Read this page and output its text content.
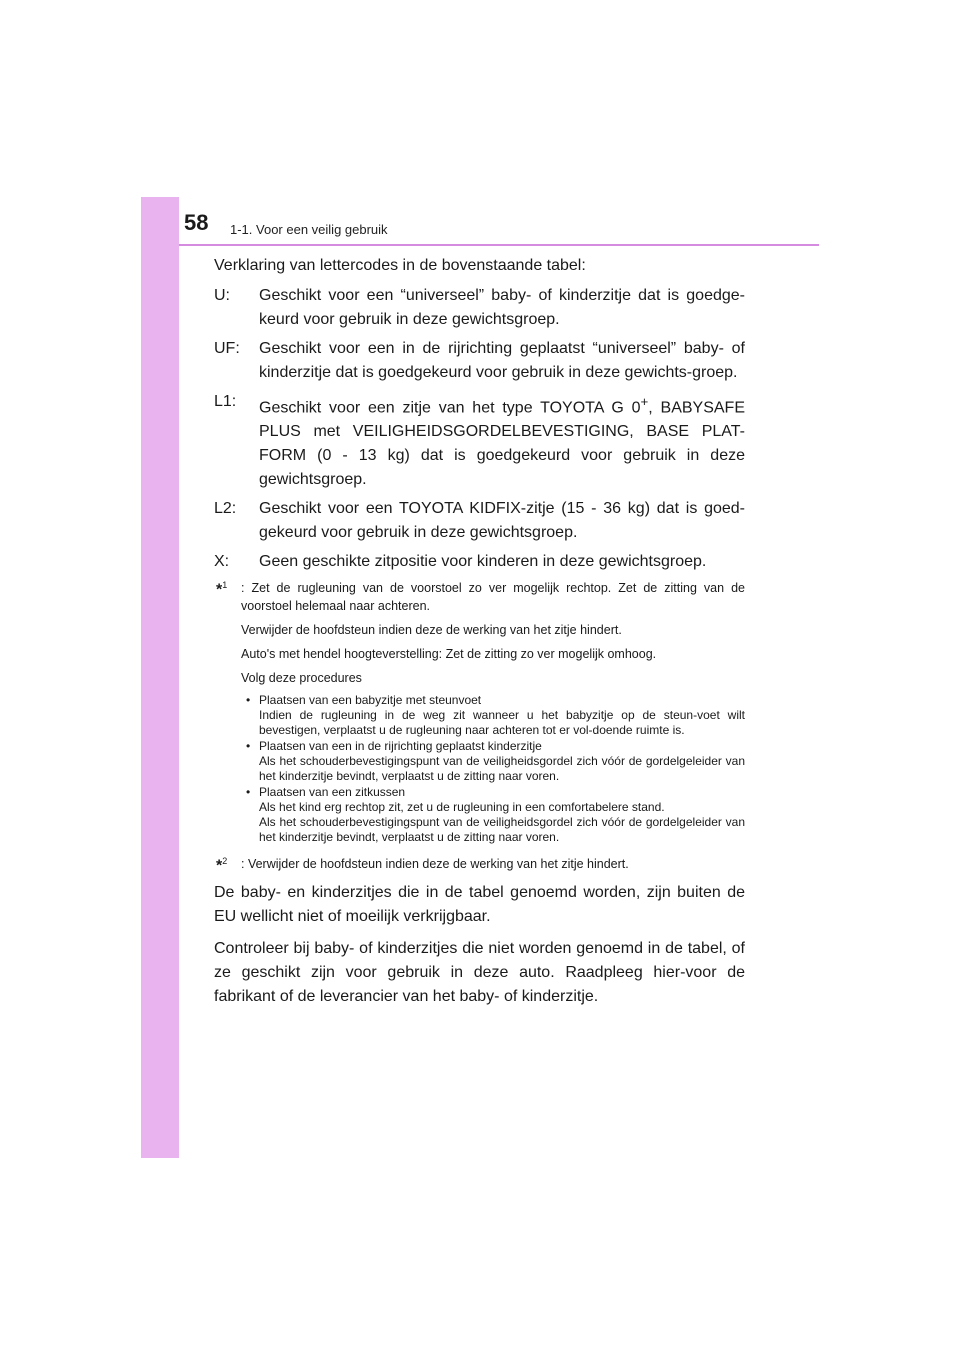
58 1-1. Voor een veilig gebruik

Verklaring van lettercodes in de bovenstaande tabel:

U: Geschikt voor een “universeel” baby- of kinderzitje dat is goedge-keurd voor gebruik in deze gewichtsgroep.
UF: Geschikt voor een in de rijrichting geplaatst “universeel” baby- of kinderzitje dat is goedgekeurd voor gebruik in deze gewichts-groep.
L1: Geschikt voor een zitje van het type TOYOTA G 0+, BABYSAFE PLUS met VEILIGHEIDSGORDELBEVESTIGING, BASE PLAT-FORM (0 - 13 kg) dat is goedgekeurd voor gebruik in deze gewichtsgroep.
L2: Geschikt voor een TOYOTA KIDFIX-zitje (15 - 36 kg) dat is goed-gekeurd voor gebruik in deze gewichtsgroep.
X: Geen geschikte zitpositie voor kinderen in deze gewichtsgroep.
*$^1$ : Zet de rugleuning van de voorstoel zo ver mogelijk rechtop. Zet de zitting van de voorstoel helemaal naar achteren.

Verwijder de hoofdsteun indien deze de werking van het zitje hindert.

Auto's met hendel hoogteverstelling: Zet de zitting zo ver mogelijk omhoog.

Volg deze procedures

• Plaatsen van een babyzitje met steunvoet
Indien de rugleuning in de weg zit wanneer u het babyzitje op de steun-voet wilt bevestigen, verplaatst u de rugleuning naar achteren tot er vol-doende ruimte is.
• Plaatsen van een in de rijrichting geplaatst kinderzitje
Als het schouderbevestigingspunt van de veiligheidsgordel zich vóór de gordelgeleider van het kinderzitje bevindt, verplaatst u de zitting naar voren.
• Plaatsen van een zitkussen
Als het kind erg rechtop zit, zet u de rugleuning in een comfortabelere stand.
Als het schouderbevestigingspunt van de veiligheidsgordel zich vóór de gordelgeleider van het kinderzitje bevindt, verplaatst u de zitting naar voren.
*$^2$ : Verwijder de hoofdsteun indien deze de werking van het zitje hindert.

De baby- en kinderzitjes die in de tabel genoemd worden, zijn buiten de EU wellicht niet of moeilijk verkrijgbaar.

Controleer bij baby- of kinderzitjes die niet worden genoemd in de tabel, of ze geschikt zijn voor gebruik in deze auto. Raadpleeg hier-voor de fabrikant of de leverancier van het baby- of kinderzitje.
